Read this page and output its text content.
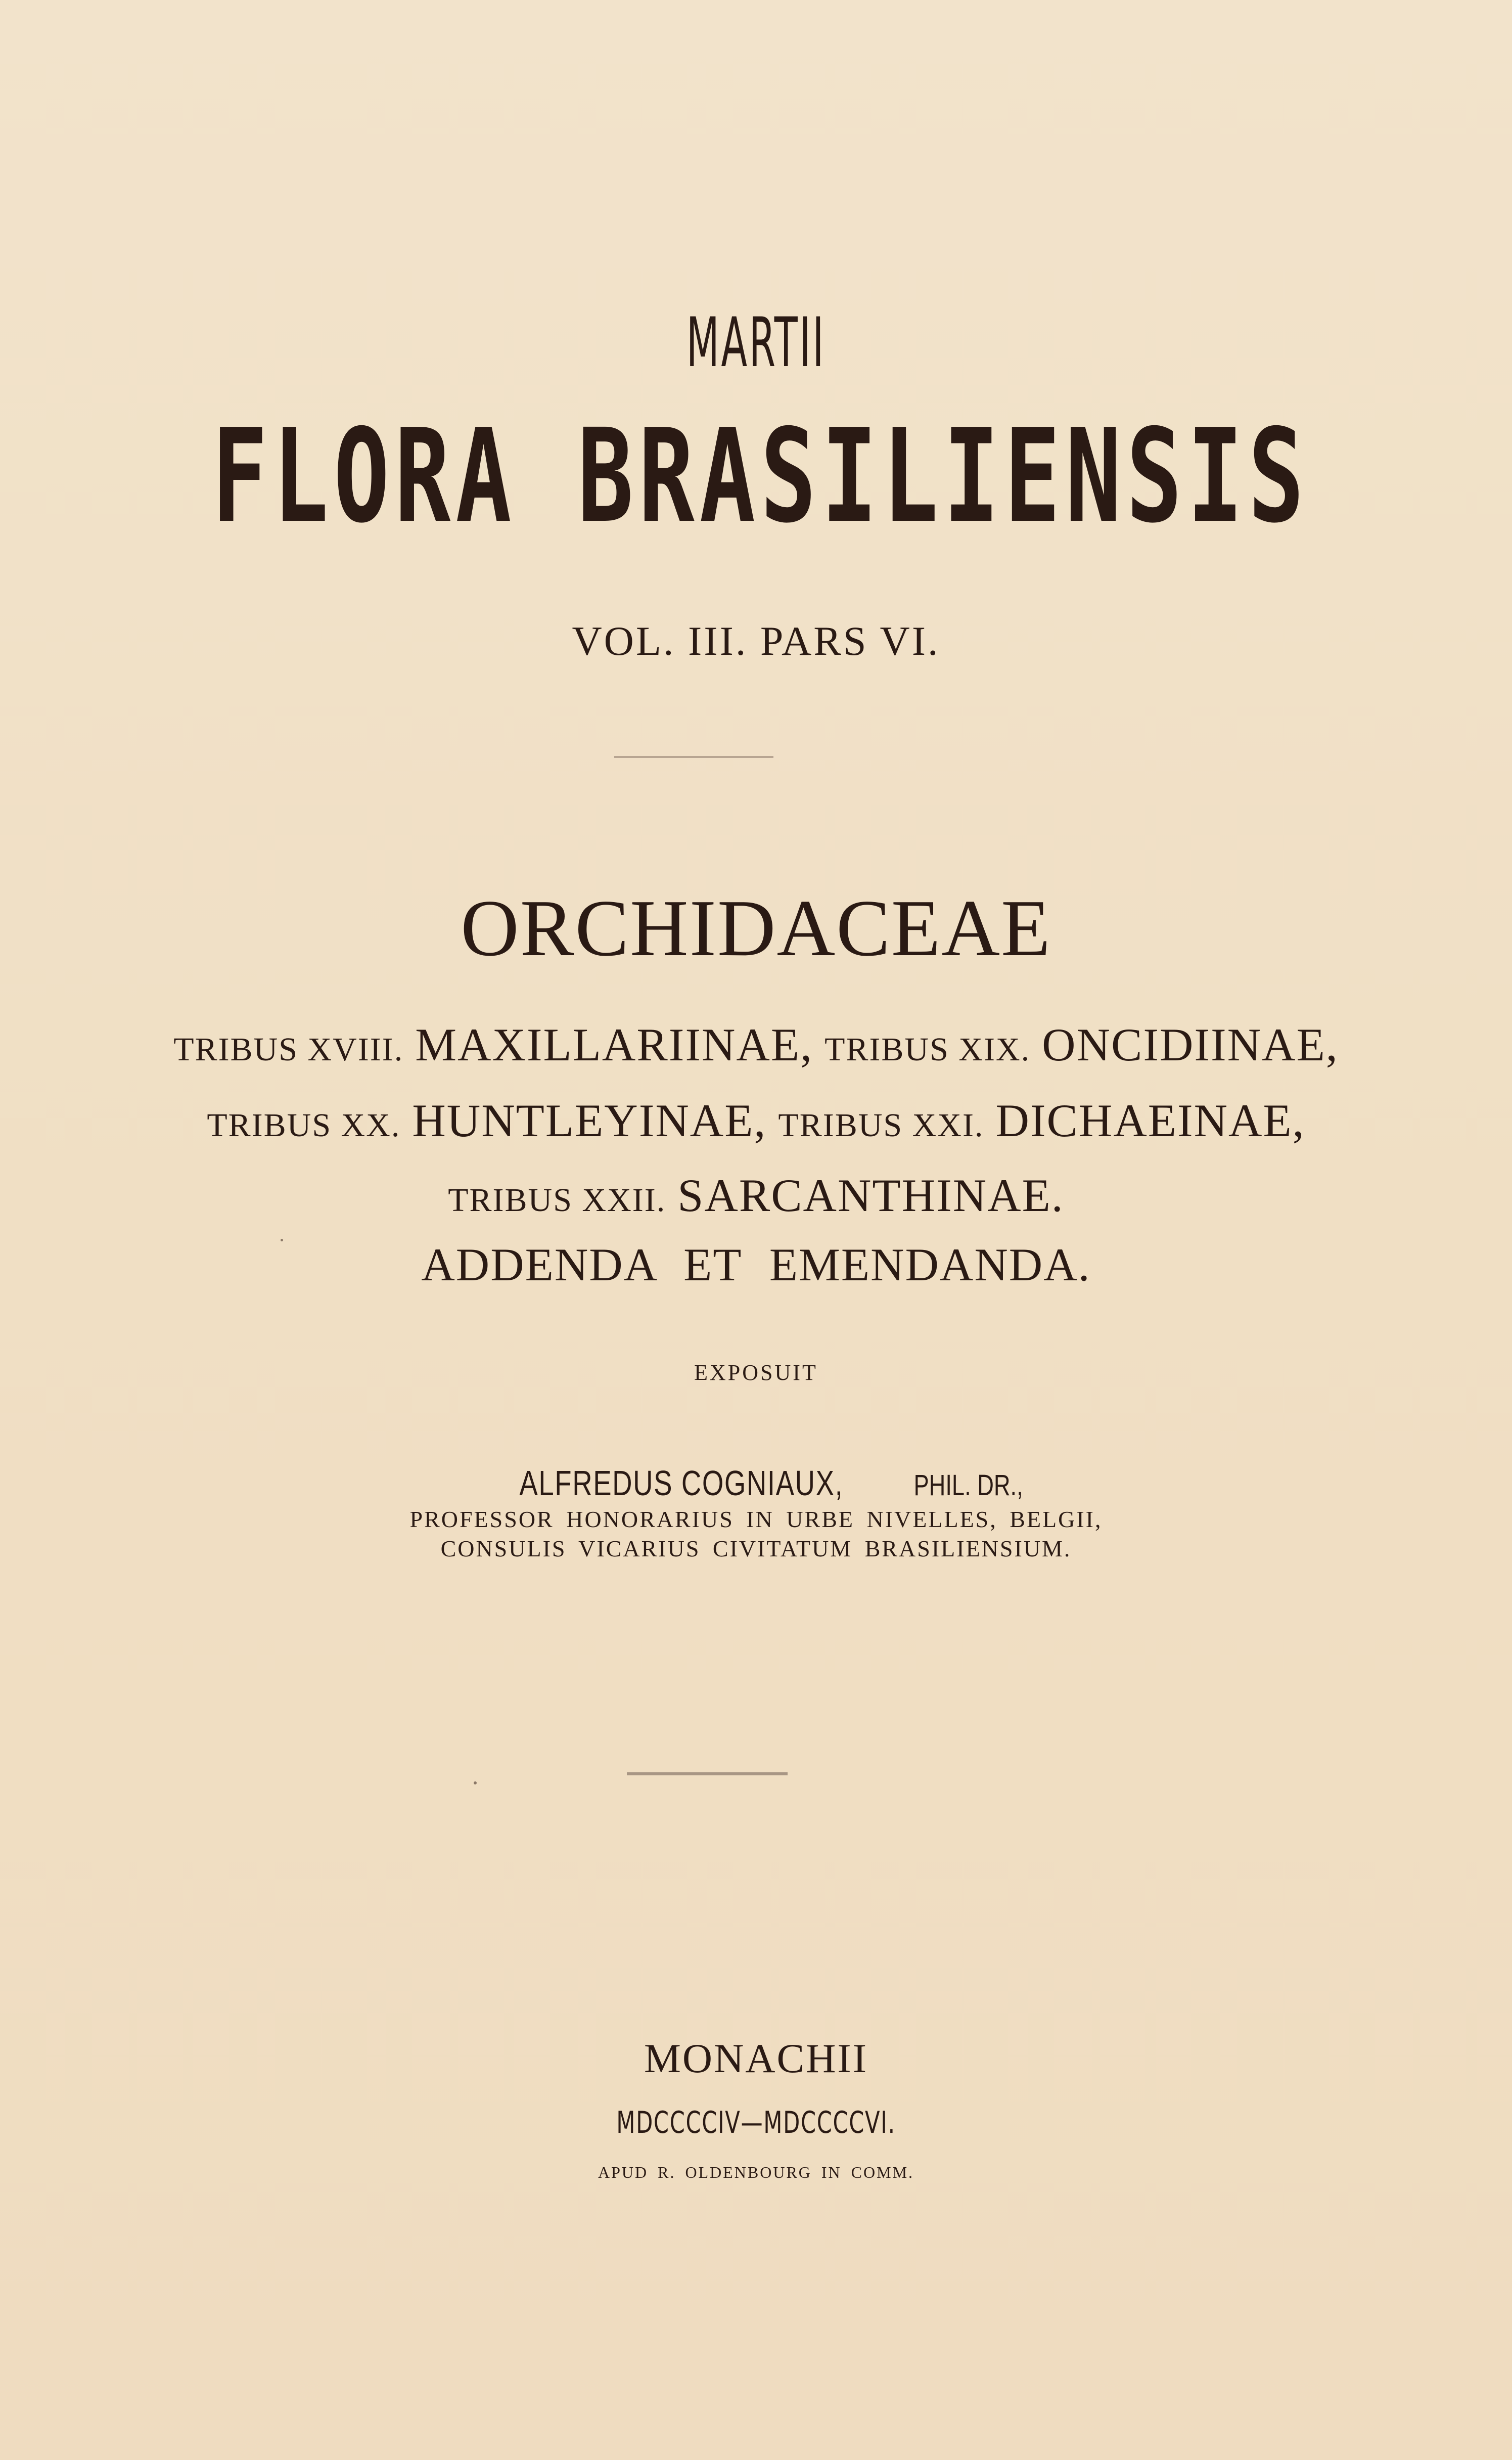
MARTII
FLORA BRASILIENSIS
VOL. III. PARS VI.
ORCHIDACEAE
TRIBUS XVIII. MAXILLARIINAE, TRIBUS XIX. ONCIDIINAE,
TRIBUS XX. HUNTLEYINAE, TRIBUS XXI. DICHAEINAE,
TRIBUS XXII. SARCANTHINAE.
ADDENDA ET EMENDANDA.
EXPOSUIT
ALFREDUS COGNIAUX, PHIL. DR.,
PROFESSOR HONORARIUS IN URBE NIVELLES, BELGII,
CONSULIS VICARIUS CIVITATUM BRASILIENSIUM.
MONACHII
MDCCCCIV—MDCCCCVI.
APUD R. OLDENBOURG IN COMM.
